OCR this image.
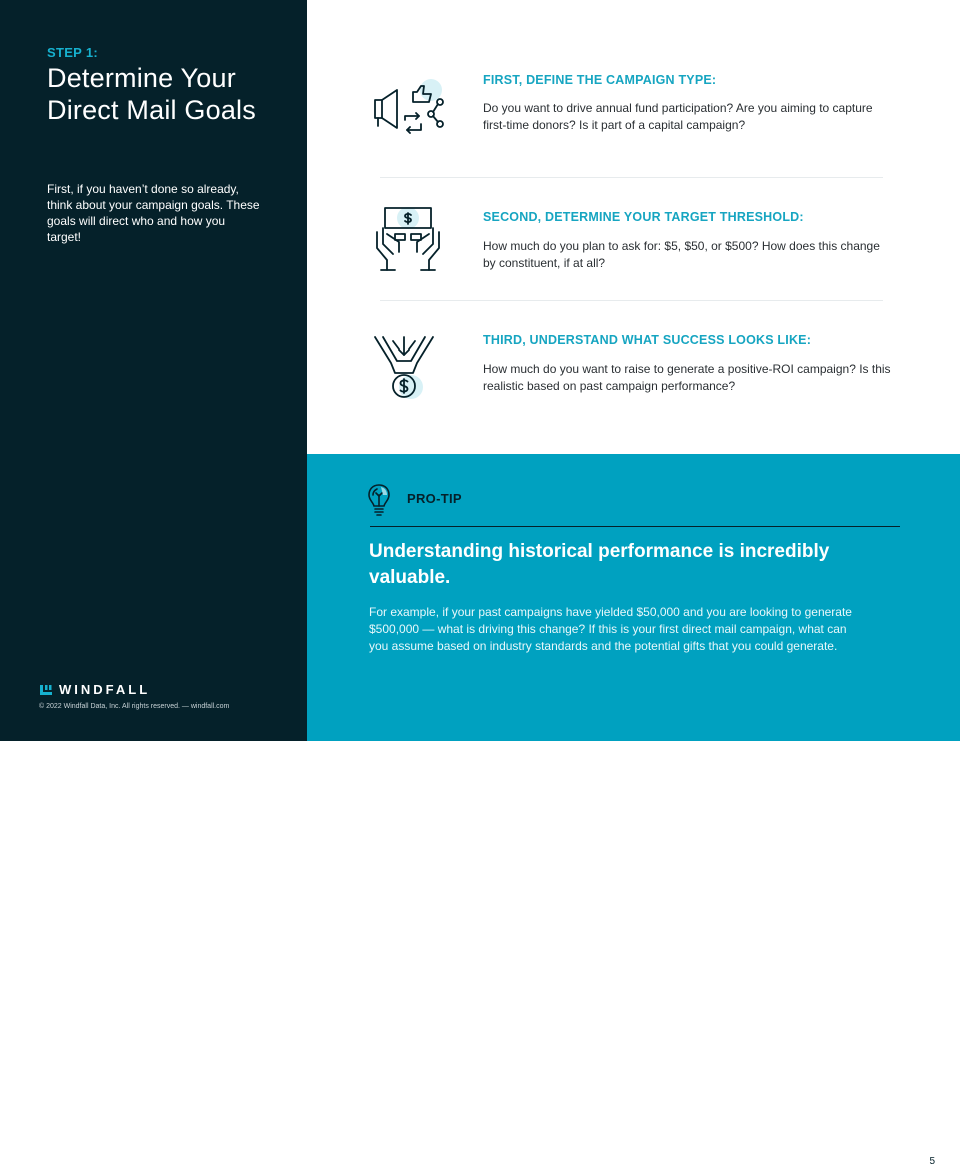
STEP 1:
Determine Your Direct Mail Goals
First, if you haven’t done so already, think about your campaign goals. These goals will direct who and how you target!
WINDFALL
© 2022 Windfall Data, Inc. All rights reserved. — windfall.com
FIRST, DEFINE THE CAMPAIGN TYPE:

Do you want to drive annual fund participation? Are you aiming to capture first-time donors? Is it part of a capital campaign?

SECOND, DETERMINE YOUR TARGET THRESHOLD:

How much do you plan to ask for: $5, $50, or $500? How does this change by constituent, if at all?

THIRD, UNDERSTAND WHAT SUCCESS LOOKS LIKE:

How much do you want to raise to generate a positive-ROI campaign? Is this realistic based on past campaign performance?

PRO-TIP
Understanding historical performance is incredibly valuable.

For example, if your past campaigns have yielded $50,000 and you are looking to generate $500,000 — what is driving this change? If this is your first direct mail campaign, what can you assume based on industry standards and the potential gifts that you could generate.

5
